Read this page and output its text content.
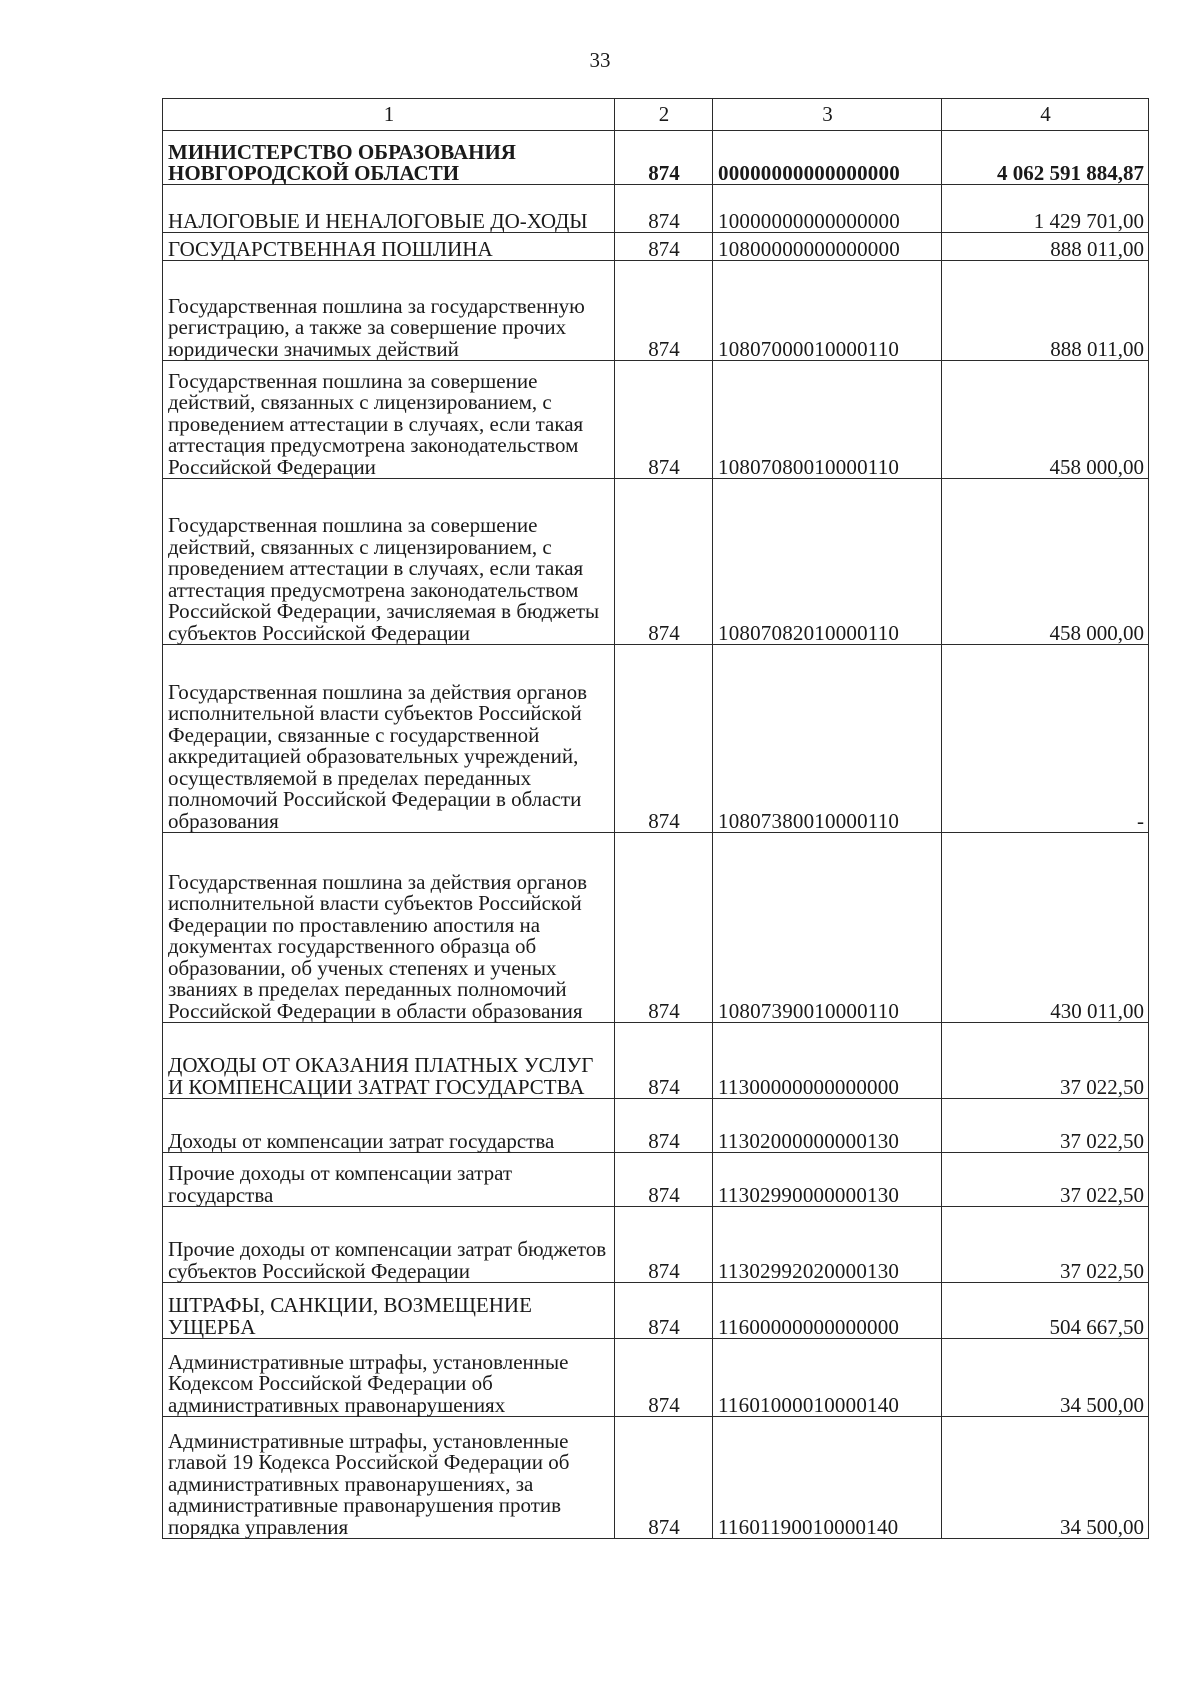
33
1	2	3	4
МИНИСТЕРСТВО ОБРАЗОВАНИЯ НОВГОРОДСКОЙ ОБЛАСТИ	874	00000000000000000	4 062 591 884,87
НАЛОГОВЫЕ И НЕНАЛОГОВЫЕ ДО-ХОДЫ	874	10000000000000000	1 429 701,00
ГОСУДАРСТВЕННАЯ ПОШЛИНА	874	10800000000000000	888 011,00
Государственная пошлина за государственную регистрацию, а также за совершение прочих юридически значимых действий	874	10807000010000110	888 011,00
Государственная пошлина за совершение действий, связанных с лицензированием, с проведением аттестации в случаях, если такая аттестация предусмотрена законодательством Российской Федерации	874	10807080010000110	458 000,00
Государственная пошлина за совершение действий, связанных с лицензированием, с проведением аттестации в случаях, если такая аттестация предусмотрена законодательством Российской Федерации, зачисляемая в бюджеты субъектов Российской Федерации	874	10807082010000110	458 000,00
Государственная пошлина за действия органов исполнительной власти субъектов Российской Федерации, связанные с государственной аккредитацией образовательных учреждений, осуществляемой в пределах переданных полномочий Российской Федерации в области образования	874	10807380010000110	-
Государственная пошлина за действия органов исполнительной власти субъектов Российской Федерации по проставлению апостиля на документах государственного образца об образовании, об ученых степенях и ученых званиях в пределах переданных полномочий Российской Федерации в области образования	874	10807390010000110	430 011,00
ДОХОДЫ ОТ ОКАЗАНИЯ ПЛАТНЫХ УСЛУГ И КОМПЕНСАЦИИ ЗАТРАТ ГОСУДАРСТВА	874	11300000000000000	37 022,50
Доходы от компенсации затрат государства	874	11302000000000130	37 022,50
Прочие доходы от компенсации затрат государства	874	11302990000000130	37 022,50
Прочие доходы от компенсации затрат бюджетов субъектов Российской Федерации	874	11302992020000130	37 022,50
ШТРАФЫ, САНКЦИИ, ВОЗМЕЩЕНИЕ УЩЕРБА	874	11600000000000000	504 667,50
Административные штрафы, установленные Кодексом Российской Федерации об административных правонарушениях	874	11601000010000140	34 500,00
Административные штрафы, установленные главой 19 Кодекса Российской Федерации об административных правонарушениях, за административные правонарушения против порядка управления	874	11601190010000140	34 500,00
